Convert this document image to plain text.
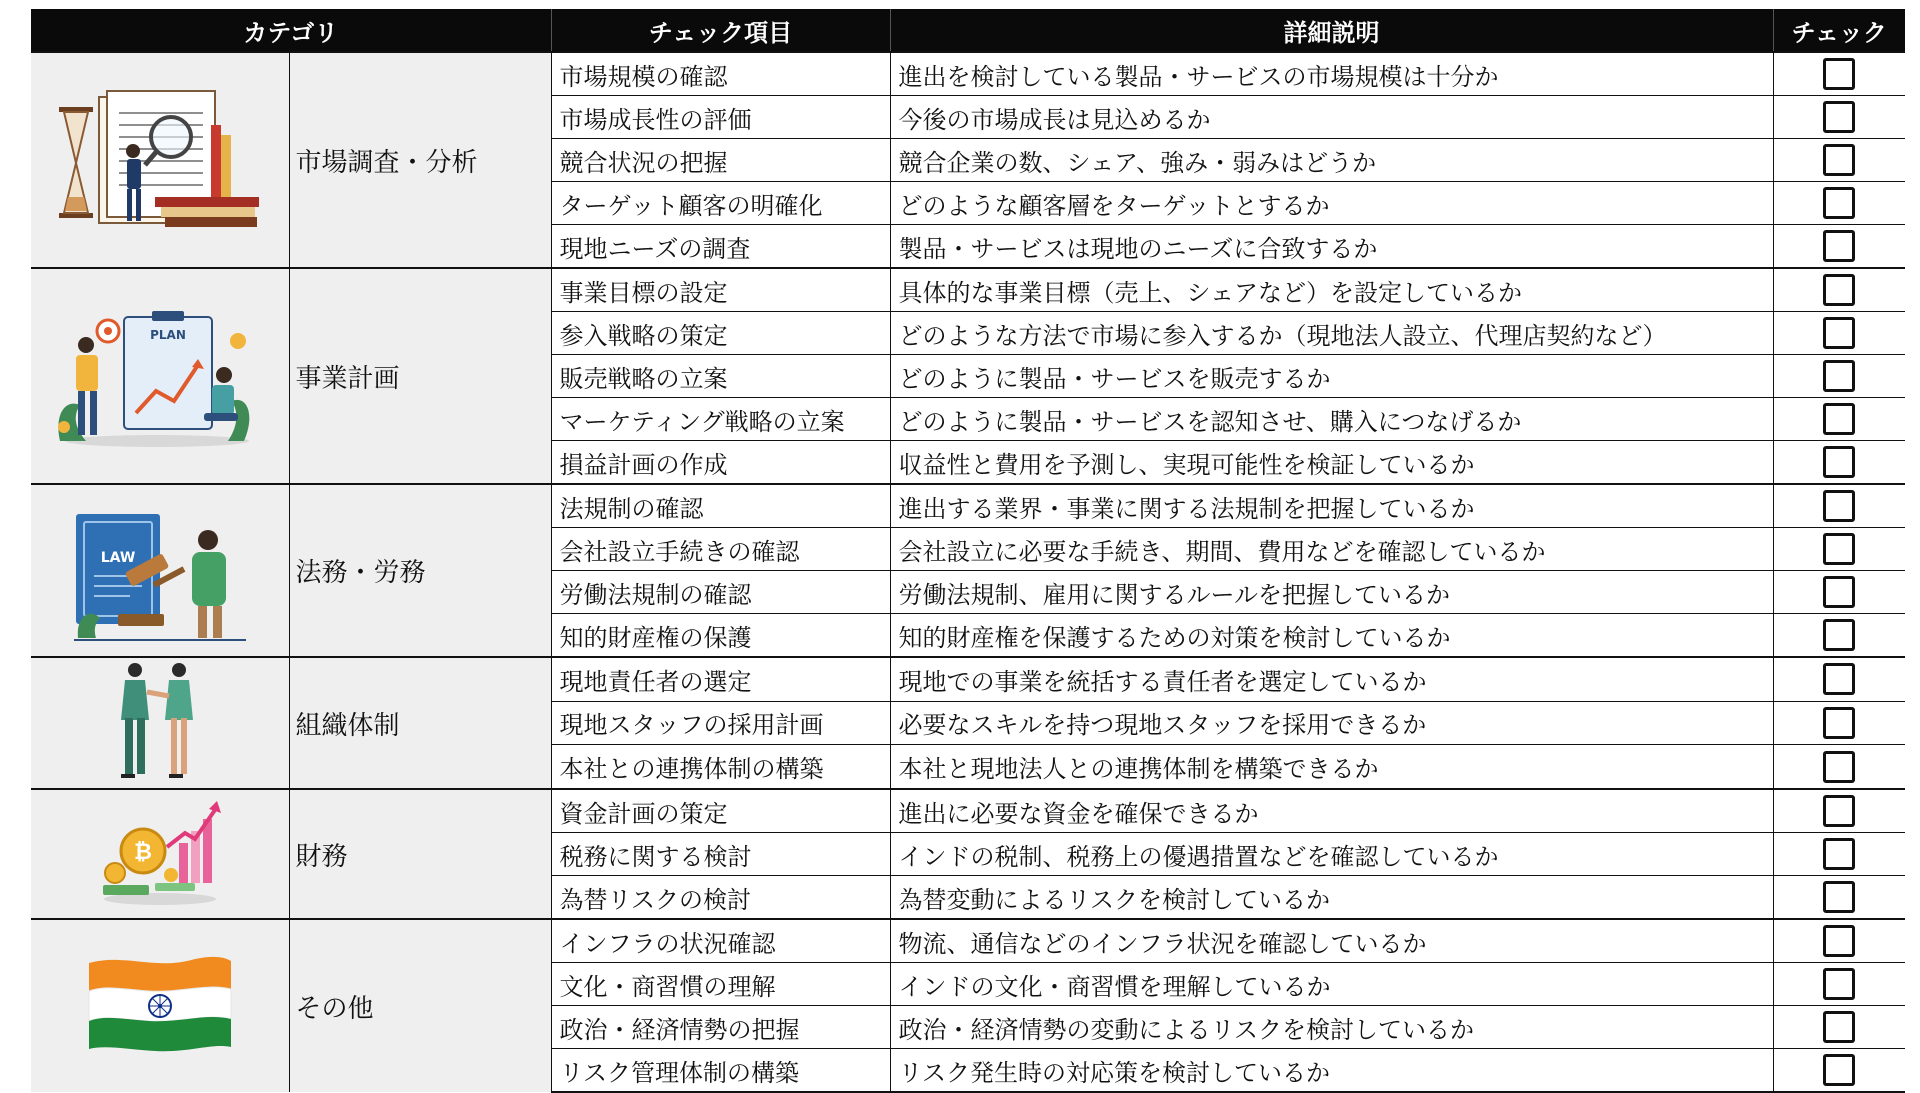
カテゴリ		チェック項目	詳細説明	チェック

	市場調査・分析	市場規模の確認	進出を検討している製品・サービスの市場規模は十分か	
		市場成長性の評価	今後の市場成長は見込めるか	
		競合状況の把握	競合企業の数、シェア、強み・弱みはどうか	
		ターゲット顧客の明確化	どのような顧客層をターゲットとするか	
		現地ニーズの調査	製品・サービスは現地のニーズに合致するか	

PLAN	事業計画	事業目標の設定	具体的な事業目標（売上、シェアなど）を設定しているか	
		参入戦略の策定	どのような方法で市場に参入するか（現地法人設立、代理店契約など）	
		販売戦略の立案	どのように製品・サービスを販売するか	
		マーケティング戦略の立案	どのように製品・サービスを認知させ、購入につなげるか	
		損益計画の作成	収益性と費用を予測し、実現可能性を検証しているか	

LAW	法務・労務	法規制の確認	進出する業界・事業に関する法規制を把握しているか	
		会社設立手続きの確認	会社設立に必要な手続き、期間、費用などを確認しているか	
		労働法規制の確認	労働法規制、雇用に関するルールを把握しているか	
		知的財産権の保護	知的財産権を保護するための対策を検討しているか	

	組織体制	現地責任者の選定	現地での事業を統括する責任者を選定しているか	
		現地スタッフの採用計画	必要なスキルを持つ現地スタッフを採用できるか	
		本社との連携体制の構築	本社と現地法人との連携体制を構築できるか	

₿	財務	資金計画の策定	進出に必要な資金を確保できるか	
		税務に関する検討	インドの税制、税務上の優遇措置などを確認しているか	
		為替リスクの検討	為替変動によるリスクを検討しているか	

	その他	インフラの状況確認	物流、通信などのインフラ状況を確認しているか	
		文化・商習慣の理解	インドの文化・商習慣を理解しているか	
		政治・経済情勢の把握	政治・経済情勢の変動によるリスクを検討しているか	
		リスク管理体制の構築	リスク発生時の対応策を検討しているか	
